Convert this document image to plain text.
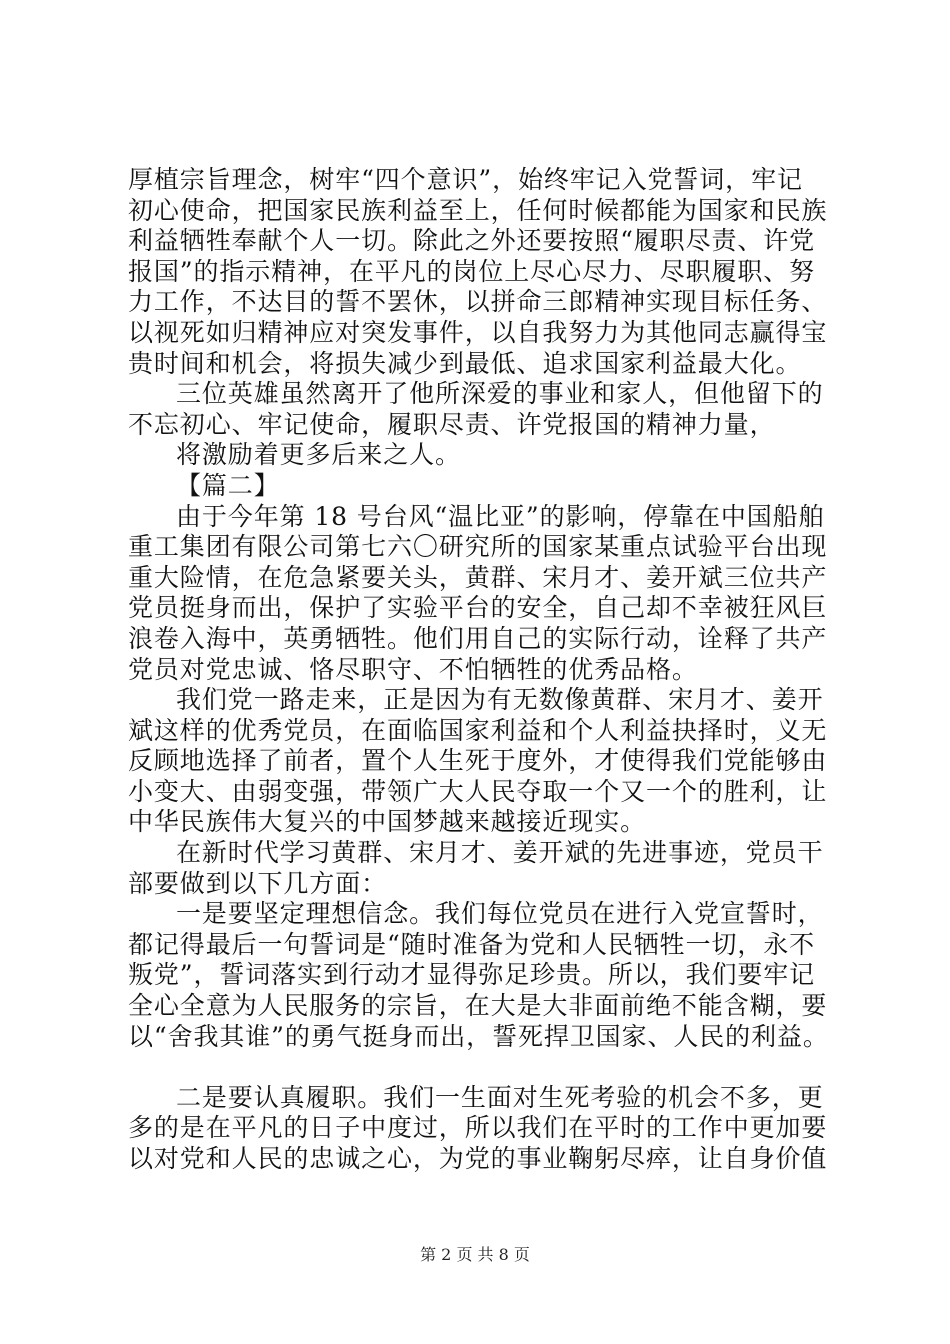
厚植宗旨理念，树牢“四个意识”，始终牢记入党誓词，牢记

初心使命，把国家民族利益至上，任何时候都能为国家和民族

利益牺牲奉献个人一切。除此之外还要按照“履职尽责、许党

报国”的指示精神，在平凡的岗位上尽心尽力、尽职履职、努

力工作，不达目的誓不罢休，以拼命三郎精神实现目标任务、

以视死如归精神应对突发事件，以自我努力为其他同志赢得宝

贵时间和机会，将损失减少到最低、追求国家利益最大化。

三位英雄虽然离开了他所深爱的事业和家人，但他留下的

不忘初心、牢记使命，履职尽责、许党报国的精神力量，

将激励着更多后来之人。

【篇二】

由于今年第 18 号台风“温比亚”的影响，停靠在中国船舶

重工集团有限公司第七六〇研究所的国家某重点试验平台出现

重大险情，在危急紧要关头，黄群、宋月才、姜开斌三位共产

党员挺身而出，保护了实验平台的安全，自己却不幸被狂风巨

浪卷入海中，英勇牺牲。他们用自己的实际行动，诠释了共产

党员对党忠诚、恪尽职守、不怕牺牲的优秀品格。

我们党一路走来，正是因为有无数像黄群、宋月才、姜开

斌这样的优秀党员，在面临国家利益和个人利益抉择时，义无

反顾地选择了前者，置个人生死于度外，才使得我们党能够由

小变大、由弱变强，带领广大人民夺取一个又一个的胜利，让

中华民族伟大复兴的中国梦越来越接近现实。

在新时代学习黄群、宋月才、姜开斌的先进事迹，党员干

部要做到以下几方面：

一是要坚定理想信念。我们每位党员在进行入党宣誓时，

都记得最后一句誓词是“随时准备为党和人民牺牲一切，永不

叛党”，誓词落实到行动才显得弥足珍贵。所以，我们要牢记

全心全意为人民服务的宗旨，在大是大非面前绝不能含糊，要

以“舍我其谁”的勇气挺身而出，誓死捍卫国家、人民的利益。

二是要认真履职。我们一生面对生死考验的机会不多，更

多的是在平凡的日子中度过，所以我们在平时的工作中更加要

以对党和人民的忠诚之心，为党的事业鞠躬尽瘁，让自身价值

第 2 页 共 8 页
